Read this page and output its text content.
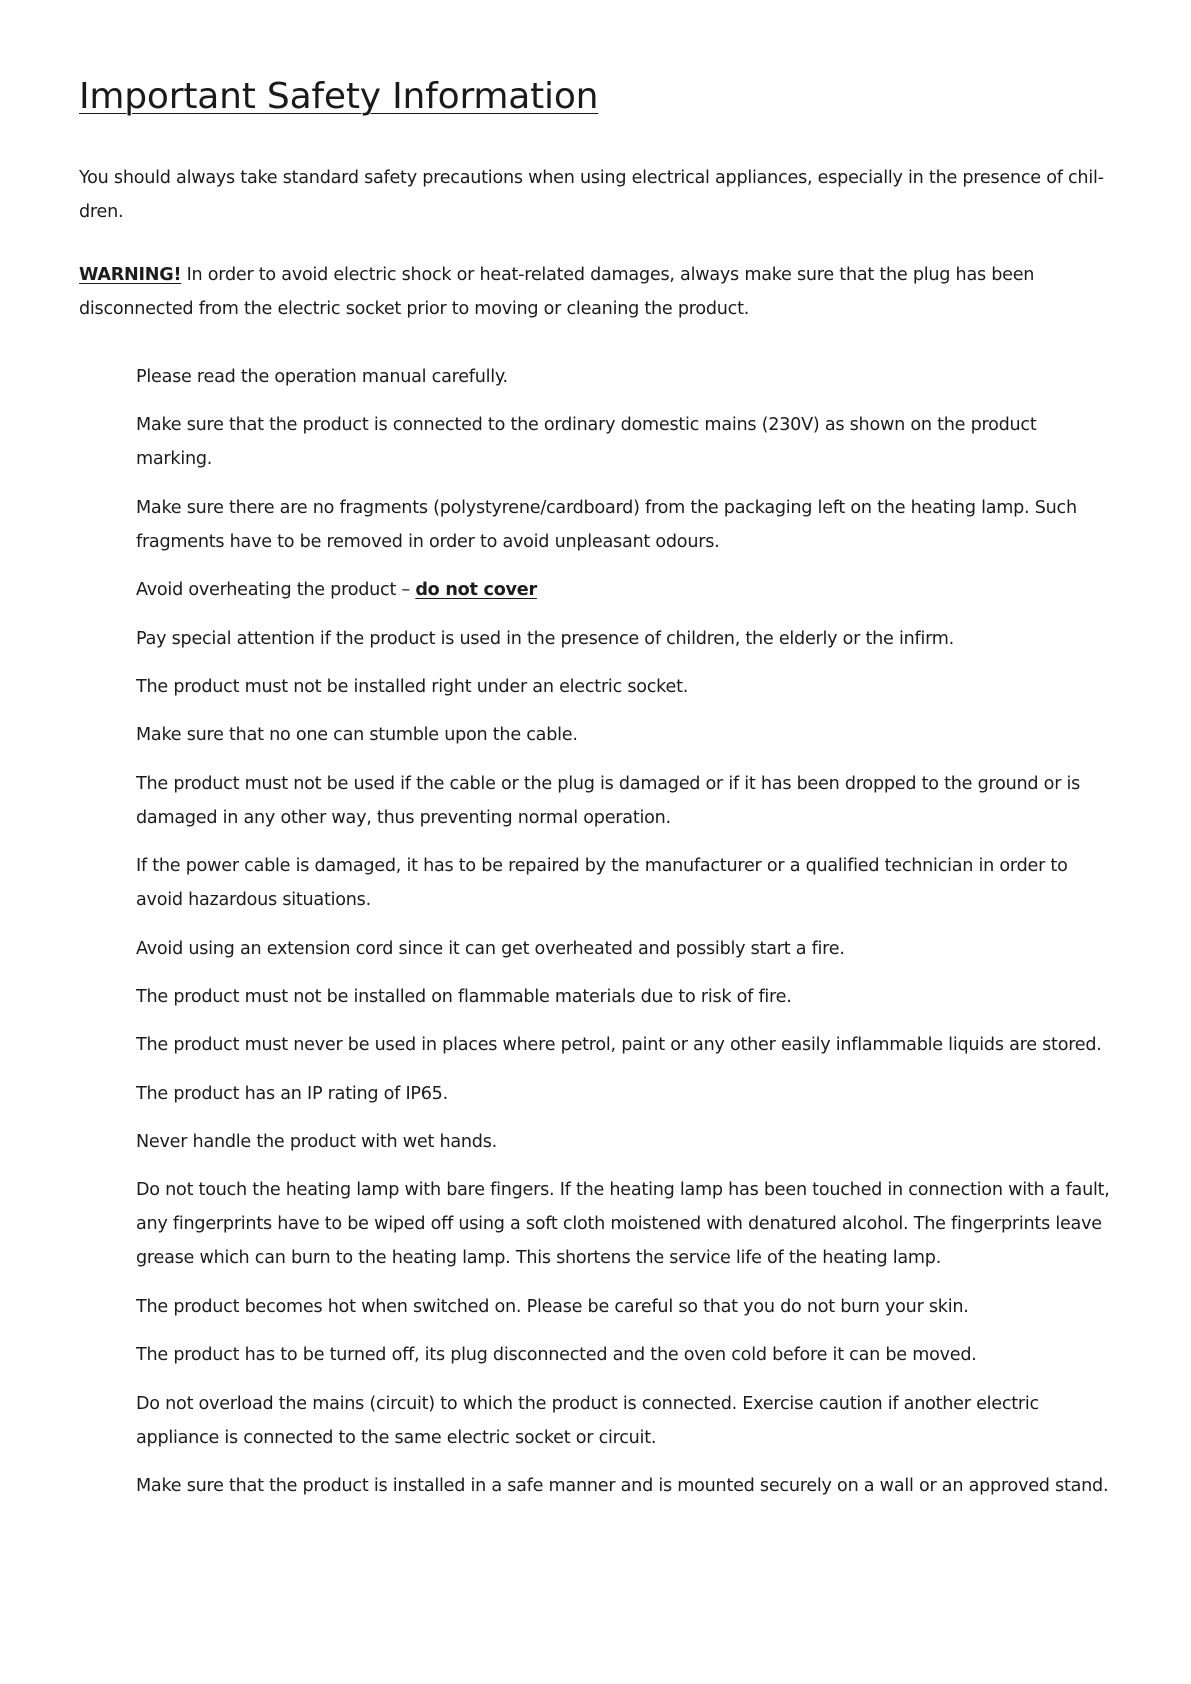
Important Safety Information

You should always take standard safety precautions when using electrical appliances, especially in the presence of children.

WARNING! In order to avoid electric shock or heat-related damages, always make sure that the plug has been disconnected from the electric socket prior to moving or cleaning the product.

Please read the operation manual carefully.
Make sure that the product is connected to the ordinary domestic mains (230V) as shown on the product marking.
Make sure there are no fragments (polystyrene/cardboard) from the packaging left on the heating lamp. Such fragments have to be removed in order to avoid unpleasant odours.
Avoid overheating the product – do not cover
Pay special attention if the product is used in the presence of children, the elderly or the infirm.
The product must not be installed right under an electric socket.
Make sure that no one can stumble upon the cable.
The product must not be used if the cable or the plug is damaged or if it has been dropped to the ground or is damaged in any other way, thus preventing normal operation.
If the power cable is damaged, it has to be repaired by the manufacturer or a qualified technician in order to avoid hazardous situations.
Avoid using an extension cord since it can get overheated and possibly start a fire.
The product must not be installed on flammable materials due to risk of fire.
The product must never be used in places where petrol, paint or any other easily inflammable liquids are stored.
The product has an IP rating of IP65.
Never handle the product with wet hands.
Do not touch the heating lamp with bare fingers. If the heating lamp has been touched in connection with a fault, any fingerprints have to be wiped off using a soft cloth moistened with denatured alcohol. The fingerprints leave grease which can burn to the heating lamp. This shortens the service life of the heating lamp.
The product becomes hot when switched on. Please be careful so that you do not burn your skin.
The product has to be turned off, its plug disconnected and the oven cold before it can be moved.
Do not overload the mains (circuit) to which the product is connected. Exercise caution if another electric appliance is connected to the same electric socket or circuit.
Make sure that the product is installed in a safe manner and is mounted securely on a wall or an approved stand.
